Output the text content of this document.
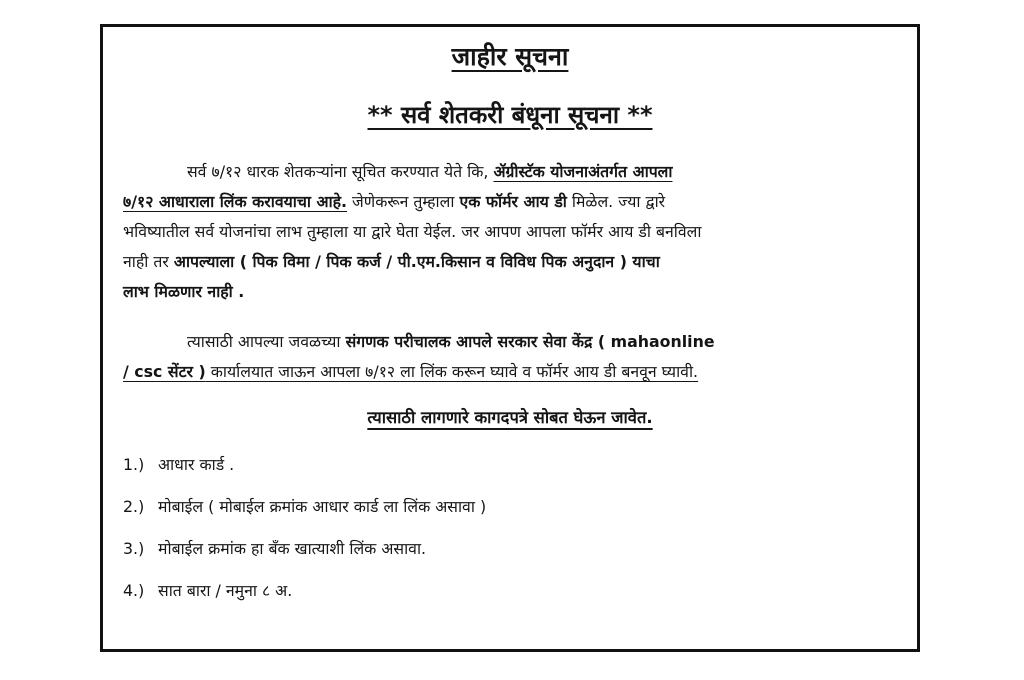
जाहीर सूचना
** सर्व शेतकरी बंधूना सूचना **
सर्व ७/१२ धारक शेतकऱ्यांना सूचित करण्यात येते कि, ॲग्रीस्टॅक योजनाअंतर्गत आपला
७/१२ आधाराला लिंक करावयाचा आहे. जेणेकरून तुम्हाला एक फॉर्मर आय डी मिळेल. ज्या द्वारे
भविष्यातील सर्व योजनांचा लाभ तुम्हाला या द्वारे घेता येईल. जर आपण आपला फॉर्मर आय डी बनविला
नाही तर आपल्याला ( पिक विमा / पिक कर्ज / पी.एम.किसान व विविध पिक अनुदान ) याचा
लाभ मिळणार नाही .
त्यासाठी आपल्या जवळच्या संगणक परीचालक आपले सरकार सेवा केंद्र ( mahaonline
/ csc सेंटर ) कार्यालयात जाऊन आपला ७/१२ ला लिंक करून घ्यावे व फॉर्मर आय डी बनवून घ्यावी.
त्यासाठी लागणारे कागदपत्रे सोबत घेऊन जावेत.
1.) आधार कार्ड .
2.) मोबाईल ( मोबाईल क्रमांक आधार कार्ड ला लिंक असावा )
3.) मोबाईल क्रमांक हा बँक खात्याशी लिंक असावा.
4.) सात बारा / नमुना ८ अ.
